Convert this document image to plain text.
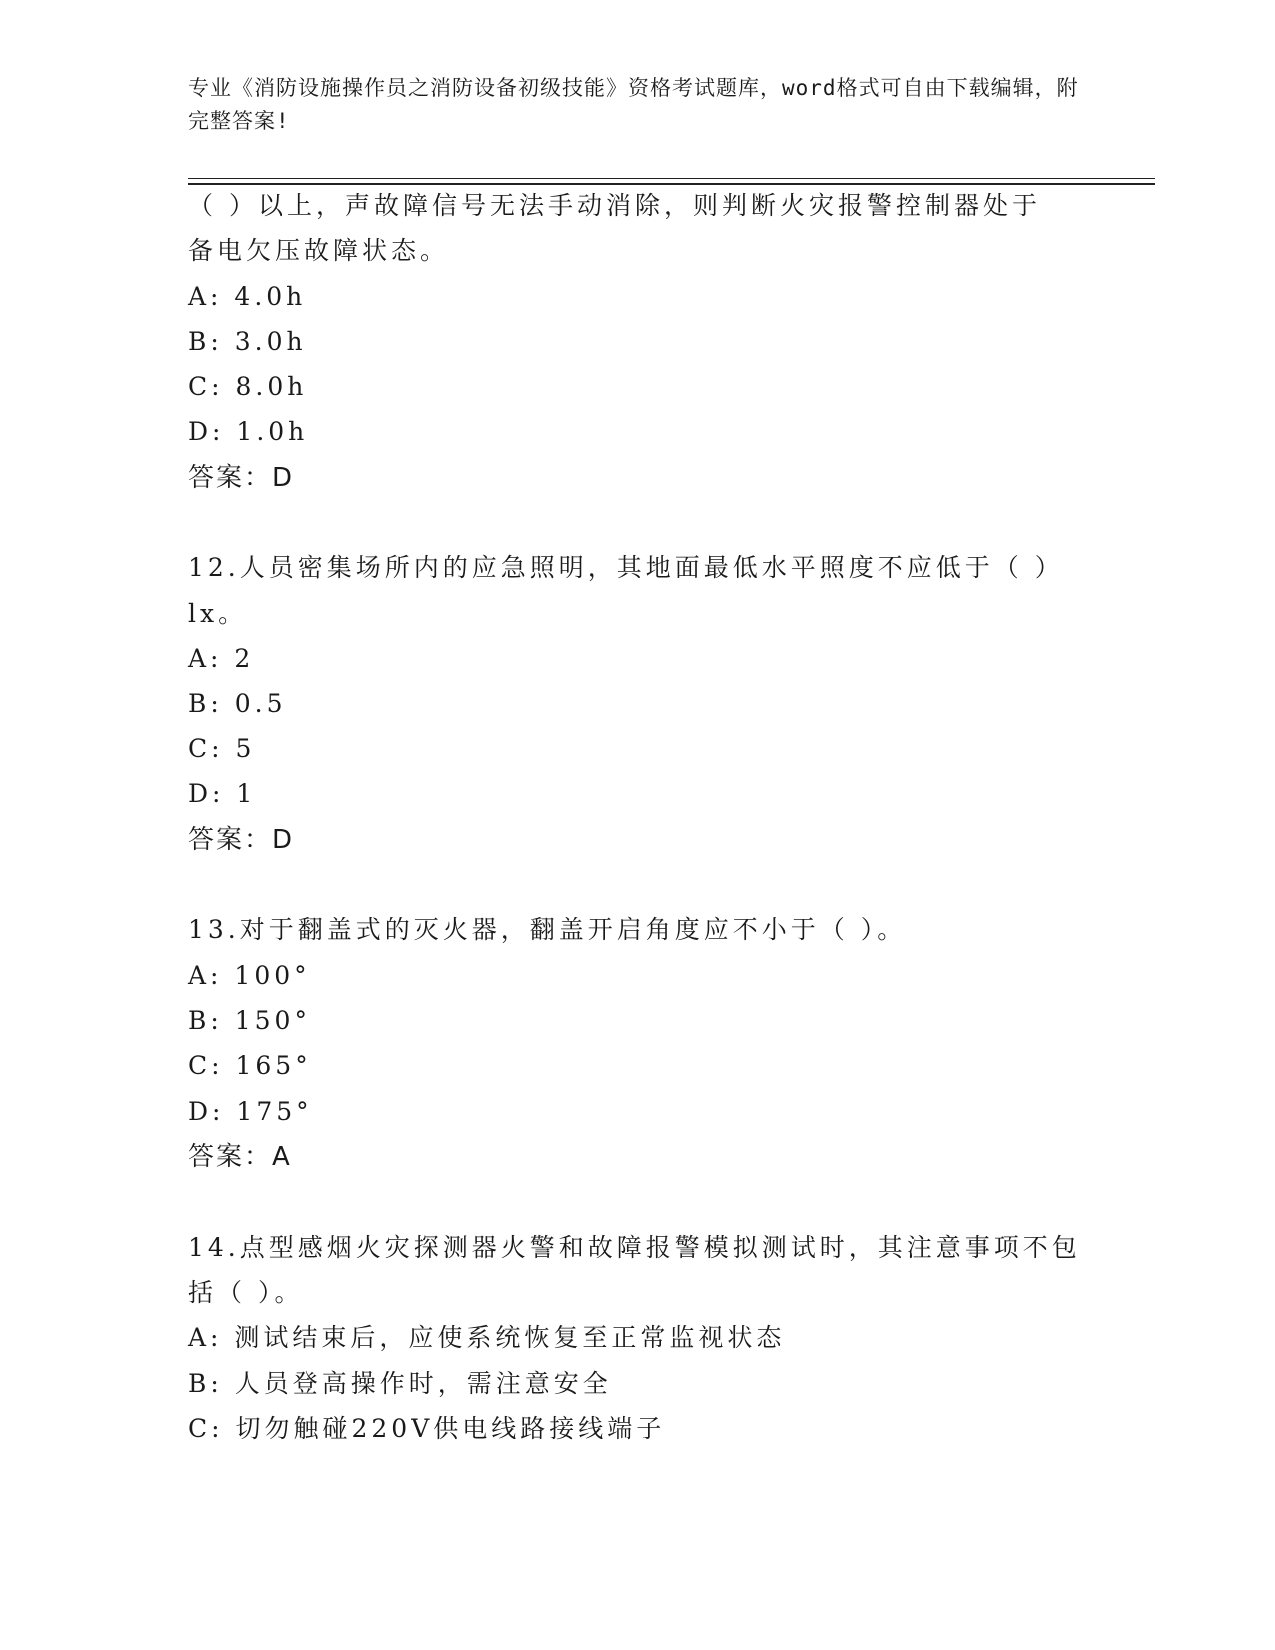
专业《消防设施操作员之消防设备初级技能》资格考试题库，word格式可自由下载编辑，附完整答案!
（ ）以上，声故障信号无法手动消除，则判断火灾报警控制器处于
备电欠压故障状态。
A: 4.0h
B: 3.0h
C: 8.0h
D: 1.0h
答案：D
12.人员密集场所内的应急照明，其地面最低水平照度不应低于（ ）
lx。
A: 2
B: 0.5
C: 5
D: 1
答案：D
13.对于翻盖式的灭火器，翻盖开启角度应不小于（ ）。
A: 100°
B: 150°
C: 165°
D: 175°
答案：A
14.点型感烟火灾探测器火警和故障报警模拟测试时，其注意事项不包
括（ ）。
A: 测试结束后，应使系统恢复至正常监视状态
B: 人员登高操作时，需注意安全
C: 切勿触碰220V供电线路接线端子
